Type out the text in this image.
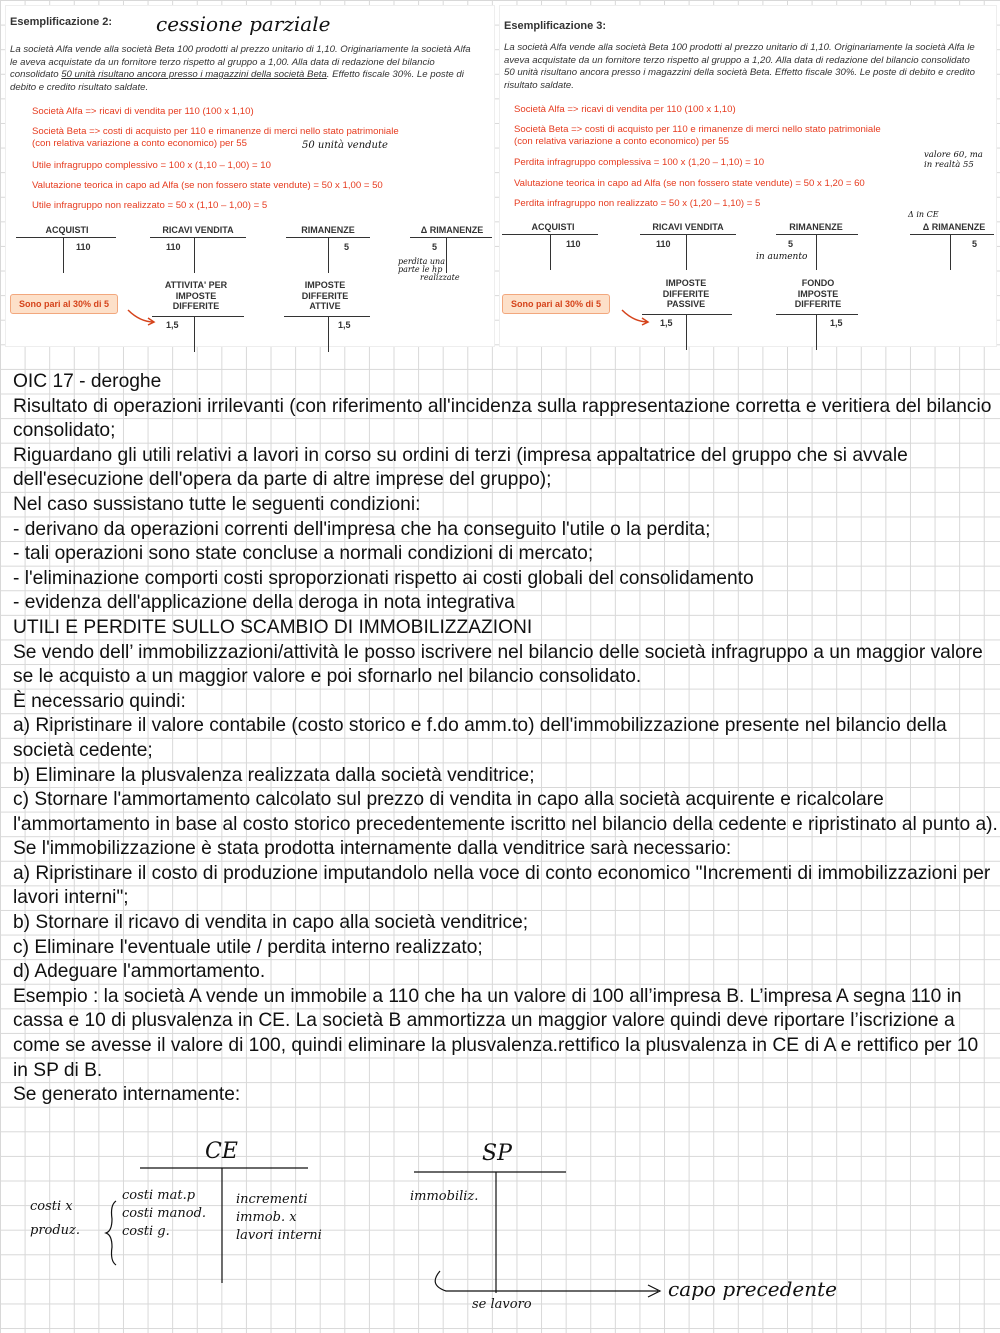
Esemplificazione 2: cessione parziale
La società Alfa vende alla società Beta 100 prodotti al prezzo unitario di 1,10. Originariamente la società Alfa le aveva acquistate da un fornitore terzo rispetto al gruppo a 1,00. Alla data di redazione del bilancio consolidato 50 unità risultano ancora presso i magazzini della società Beta. Effetto fiscale 30%. Le poste di debito e credito risultato saldate.
Società Alfa => ricavi di vendita per 110 (100 x 1,10)
Società Beta => costi di acquisto per 110 e rimanenze di merci nello stato patrimoniale
(con relativa variazione a conto economico) per 55	50 unità vendute
Utile infragruppo complessivo = 100 x (1,10 – 1,00) = 10
Valutazione teorica in capo ad Alfa (se non fossero state vendute) = 50 x 1,00 = 50
Utile infragruppo non realizzato = 50 x (1,10 – 1,00) = 5
ACQUISTI
110
RICAVI VENDITA
110
RIMANENZE
5
Δ RIMANENZE
5
perdita una
parte le hp
realizzate
ATTIVITA' PER
IMPOSTE
DIFFERITE
1,5
IMPOSTE
DIFFERITE
ATTIVE
1,5
Sono pari al 30% di 5
Esemplificazione 3:
La società Alfa vende alla società Beta 100 prodotti al prezzo unitario di 1,10. Originariamente la società Alfa le aveva acquistate da un fornitore terzo rispetto al gruppo a 1,20. Alla data di redazione del bilancio consolidato 50 unità risultano ancora presso i magazzini della società Beta. Effetto fiscale 30%. Le poste di debito e credito risultato saldate.
Società Alfa => ricavi di vendita per 110 (100 x 1,10)
Società Beta => costi di acquisto per 110 e rimanenze di merci nello stato patrimoniale
(con relativa variazione a conto economico) per 55
Perdita infragruppo complessiva = 100 x (1,20 – 1,10) = 10
Valutazione teorica in capo ad Alfa (se non fossero state vendute) = 50 x 1,20 = 60
Perdita infragruppo non realizzato = 50 x (1,20 – 1,10) = 5
valore 60, ma
in realtà 55
Δ in CE
ACQUISTI
110
RICAVI VENDITA
110
RIMANENZE
5
in aumento
Δ RIMANENZE
5
IMPOSTE
DIFFERITE
PASSIVE
1,5
FONDO
IMPOSTE
DIFFERITE
1,5
Sono pari al 30% di 5

OIC 17 - deroghe

Risultato di operazioni irrilevanti (con riferimento all'incidenza sulla rappresentazione corretta e veritiera del bilancio consolidato;

Riguardano gli utili relativi a lavori in corso su ordini di terzi (impresa appaltatrice del gruppo che si avvale dell'esecuzione dell'opera da parte di altre imprese del gruppo);

Nel caso sussistano tutte le seguenti condizioni:

- derivano da operazioni correnti dell'impresa che ha conseguito l'utile o la perdita;

- tali operazioni sono state concluse a normali condizioni di mercato;

- l'eliminazione comporti costi sproporzionati rispetto ai costi globali del consolidamento

- evidenza dell'applicazione della deroga in nota integrativa

UTILI E PERDITE SULLO SCAMBIO DI IMMOBILIZZAZIONI

Se vendo dell’ immobilizzazioni/attività le posso iscrivere nel bilancio delle società infragruppo a un maggior valore se le acquisto a un maggior valore e poi sfornarlo nel bilancio consolidato.

È necessario quindi:

a) Ripristinare il valore contabile (costo storico e f.do amm.to) dell'immobilizzazione presente nel bilancio della società cedente;

b) Eliminare la plusvalenza realizzata dalla società venditrice;

c) Stornare l'ammortamento calcolato sul prezzo di vendita in capo alla società acquirente e ricalcolare l'ammortamento in base al costo storico precedentemente iscritto nel bilancio della cedente e ripristinato al punto a).

Se l'immobilizzazione è stata prodotta internamente dalla venditrice sarà necessario:

a) Ripristinare il costo di produzione imputandolo nella voce di conto economico "Incrementi di immobilizzazioni per lavori interni";

b) Stornare il ricavo di vendita in capo alla società venditrice;

c) Eliminare l'eventuale utile / perdita interno realizzato;

d) Adeguare l'ammortamento.

Esempio : la società A vende un immobile a 110 che ha un valore di 100 all’impresa B. L’impresa A segna 110 in cassa e 10 di plusvalenza in CE. La società B ammortizza un maggior valore quindi deve riportare l’iscrizione a come se avesse il valore di 100, quindi eliminare la plusvalenza.rettifico la plusvalenza in CE di A e rettifico per 10 in SP di B.

Se generato internamente:

CE	SP
costi x
produz.
costi mat.p
costi manod.
costi g.
incrementi
immob. x
lavori interni
immobiliz.
se lavoro
capo precedente
